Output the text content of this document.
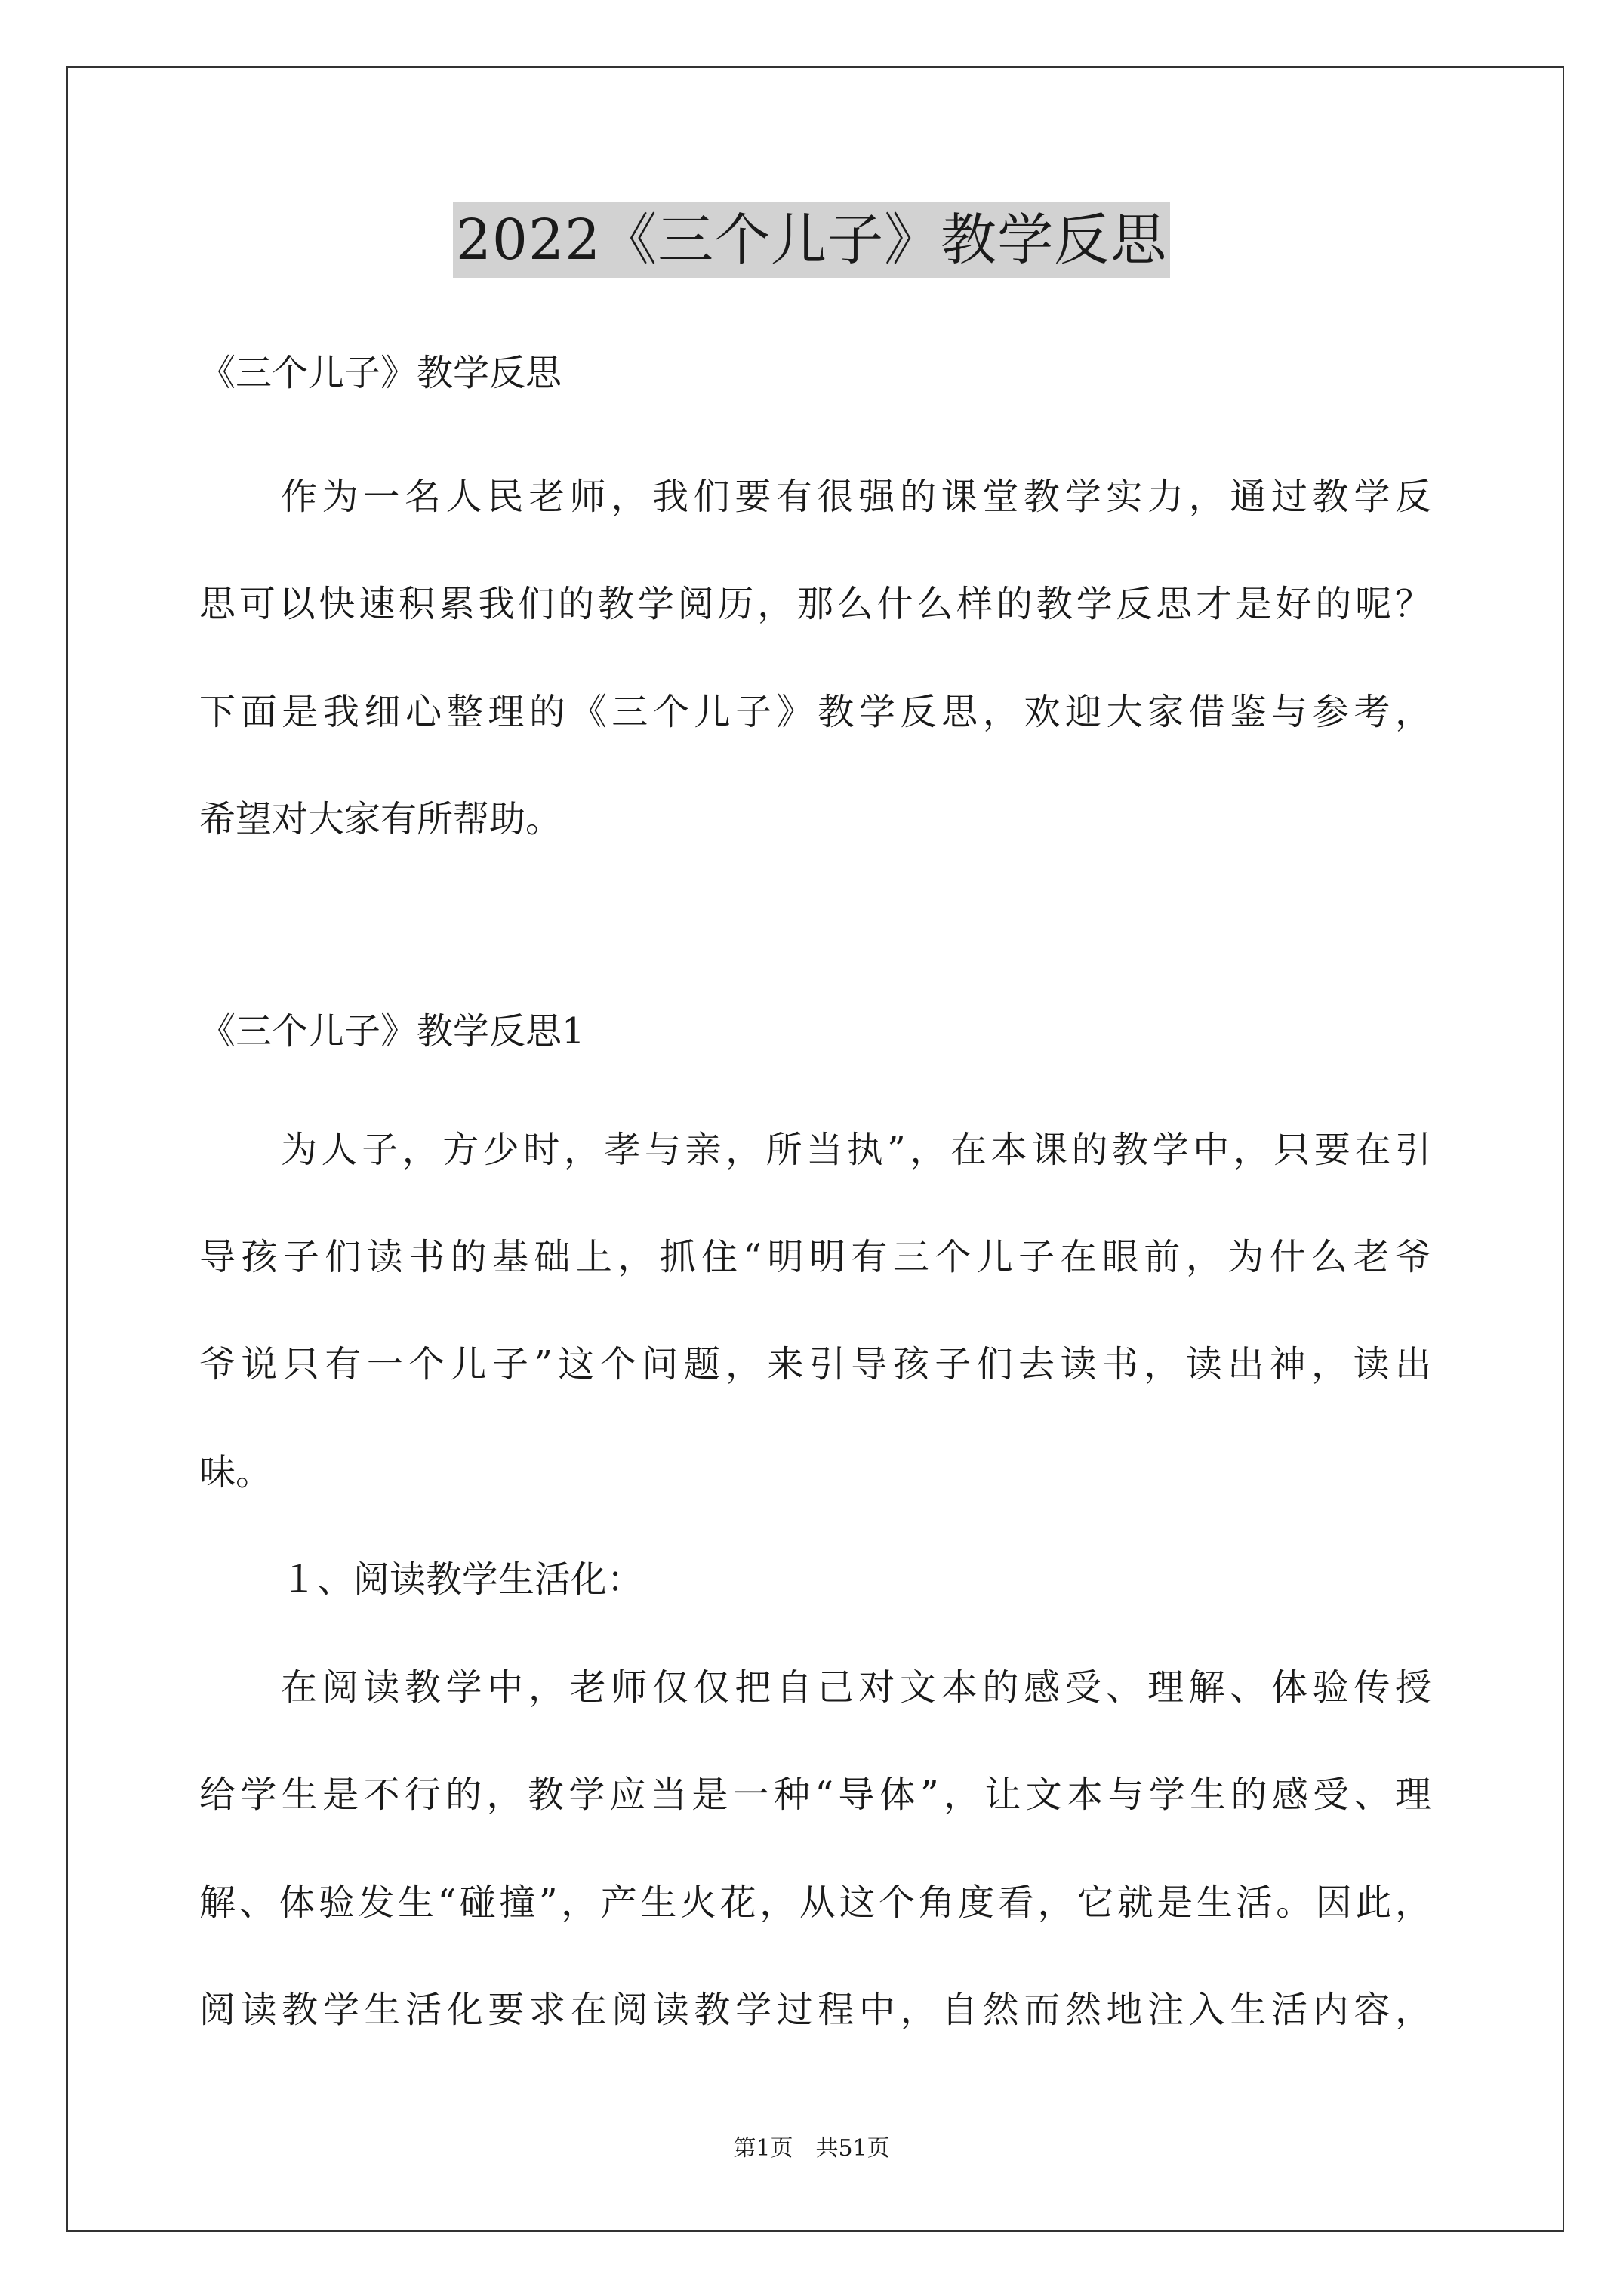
2022《三个儿子》教学反思
《三个儿子》教学反思
作为一名人民老师，我们要有很强的课堂教学实力，通过教学反
思可以快速积累我们的教学阅历，那么什么样的教学反思才是好的呢？
下面是我细心整理的《三个儿子》教学反思，欢迎大家借鉴与参考，
希望对大家有所帮助。
《三个儿子》教学反思1
为人子，方少时，孝与亲，所当执”，在本课的教学中，只要在引
导孩子们读书的基础上，抓住“明明有三个儿子在眼前，为什么老爷
爷说只有一个儿子”这个问题，来引导孩子们去读书，读出神，读出
味。
１、阅读教学生活化：
在阅读教学中，老师仅仅把自己对文本的感受、理解、体验传授
给学生是不行的，教学应当是一种“导体”，让文本与学生的感受、理
解、体验发生“碰撞”，产生火花，从这个角度看，它就是生活。因此，
阅读教学生活化要求在阅读教学过程中，自然而然地注入生活内容，
第1页　共51页
